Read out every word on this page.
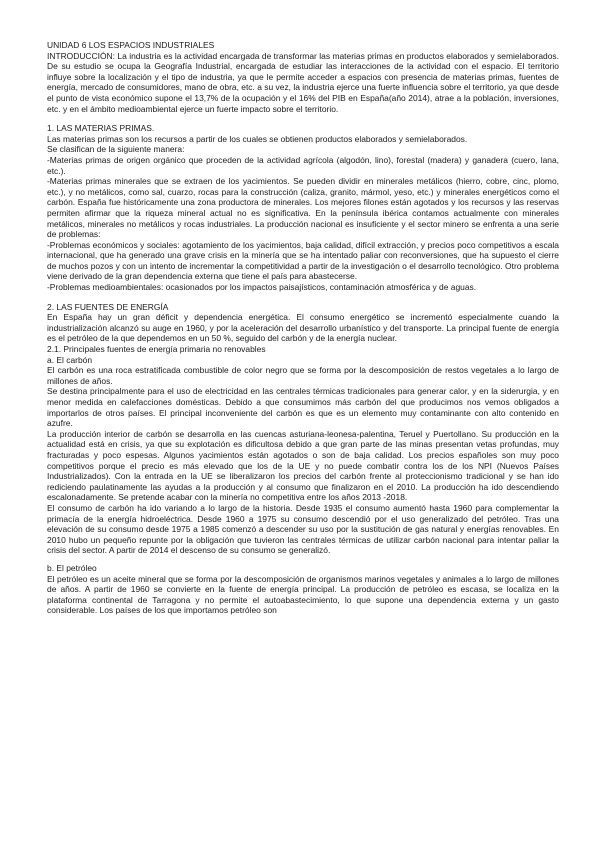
UNIDAD 6 LOS ESPACIOS INDUSTRIALES

INTRODUCCIÓN: La industria es la actividad encargada de transformar las materias primas en productos elaborados y semielaborados. De su estudio se ocupa la Geografía Industrial, encargada de estudiar las interacciones de la actividad con el espacio. El territorio influye sobre la localización y el tipo de industria, ya que le permite acceder a espacios con presencia de materias primas, fuentes de energía, mercado de consumidores, mano de obra, etc. a su vez, la industria ejerce una fuerte influencia sobre el territorio, ya que desde el punto de vista económico supone el 13,7% de la ocupación y el 16% del PIB en España(año 2014), atrae a la población, inversiones, etc. y en el ámbito medioambiental ejerce un fuerte impacto sobre el territorio.

1. LAS MATERIAS PRIMAS.

Las materias primas son los recursos a partir de los cuales se obtienen productos elaborados y semielaborados.

Se clasifican de la siguiente manera:

-Materias primas de origen orgánico que proceden de la actividad agrícola (algodón, lino), forestal (madera) y ganadera (cuero, lana, etc.).

-Materias primas minerales que se extraen de los yacimientos. Se pueden dividir en minerales metálicos (hierro, cobre, cinc, plomo, etc.), y no metálicos, como sal, cuarzo, rocas para la construcción (caliza, granito, mármol, yeso, etc.) y minerales energéticos como el carbón. España fue históricamente una zona productora de minerales. Los mejores filones están agotados y los recursos y las reservas permiten afirmar que la riqueza mineral actual no es significativa. En la península ibérica contamos actualmente con minerales metálicos, minerales no metálicos y rocas industriales. La producción nacional es insuficiente y el sector minero se enfrenta a una serie de problemas:

-Problemas económicos y sociales: agotamiento de los yacimientos, baja calidad, difícil extracción, y precios poco competitivos a escala internacional, que ha generado una grave crisis en la minería que se ha intentado paliar con reconversiones, que ha supuesto el cierre de muchos pozos y con un intento de incrementar la competitividad a partir de la investigación o el desarrollo tecnológico. Otro problema viene derivado de la gran dependencia externa que tiene el país para abastecerse.

-Problemas medioambientales: ocasionados por los impactos paisajísticos, contaminación atmosférica y de aguas.

2. LAS FUENTES DE ENERGÍA

En España hay un gran déficit y dependencia energética. El consumo energético se incrementó especialmente cuando la industrialización alcanzó su auge en 1960, y por la aceleración del desarrollo urbanístico y del transporte. La principal fuente de energía es el petróleo de la que dependemos en un 50 %, seguido del carbón y de la energía nuclear.

2.1. Principales fuentes de energía primaria no renovables

a. El carbón

El carbón es una roca estratificada combustible de color negro que se forma por la descomposición de restos vegetales a lo largo de millones de años.

Se destina principalmente para el uso de electricidad en las centrales térmicas tradicionales para generar calor, y en la siderurgia, y en menor medida en calefacciones domésticas. Debido a que consumimos más carbón del que producimos nos vemos obligados a importarlos de otros países. El principal inconveniente del carbón es que es un elemento muy contaminante con alto contenido en azufre.

La producción interior de carbón se desarrolla en las cuencas asturiana-leonesa-palentina, Teruel y Puertollano. Su producción en la actualidad está en crisis, ya que su explotación es dificultosa debido a que gran parte de las minas presentan vetas profundas, muy fracturadas y poco espesas. Algunos yacimientos están agotados o son de baja calidad. Los precios españoles son muy poco competitivos porque el precio es más elevado que los de la UE y no puede combatir contra los de los NPI (Nuevos Países Industrializados). Con la entrada en la UE se liberalizaron los precios del carbón frente al proteccionismo tradicional y se han ido rediciendo paulatinamente las ayudas a la producción y al consumo que finalizaron en el 2010. La producción ha ido descendiendo escalonadamente. Se pretende acabar con la minería no competitiva entre los años 2013 -2018.

El consumo de carbón ha ido variando a lo largo de la historia. Desde 1935 el consumo aumentó hasta 1960 para complementar la primacía de la energía hidroeléctrica. Desde 1960 a 1975 su consumo descendió por el uso generalizado del petróleo. Tras una elevación de su consumo desde 1975 a 1985 comenzó a descender su uso por la sustitución de gas natural y energías renovables. En 2010 hubo un pequeño repunte por la obligación que tuvieron las centrales térmicas de utilizar carbón nacional para intentar paliar la crisis del sector. A partir de 2014 el descenso de su consumo se generalizó.

b. El petróleo

El petróleo es un aceite mineral que se forma por la descomposición de organismos marinos vegetales y animales a lo largo de millones de años. A partir de 1960 se convierte en la fuente de energía principal. La producción de petróleo es escasa, se localiza en la plataforma continental de Tarragona y no permite el autoabastecimiento, lo que supone una dependencia externa y un gasto considerable. Los países de los que importamos petróleo son
